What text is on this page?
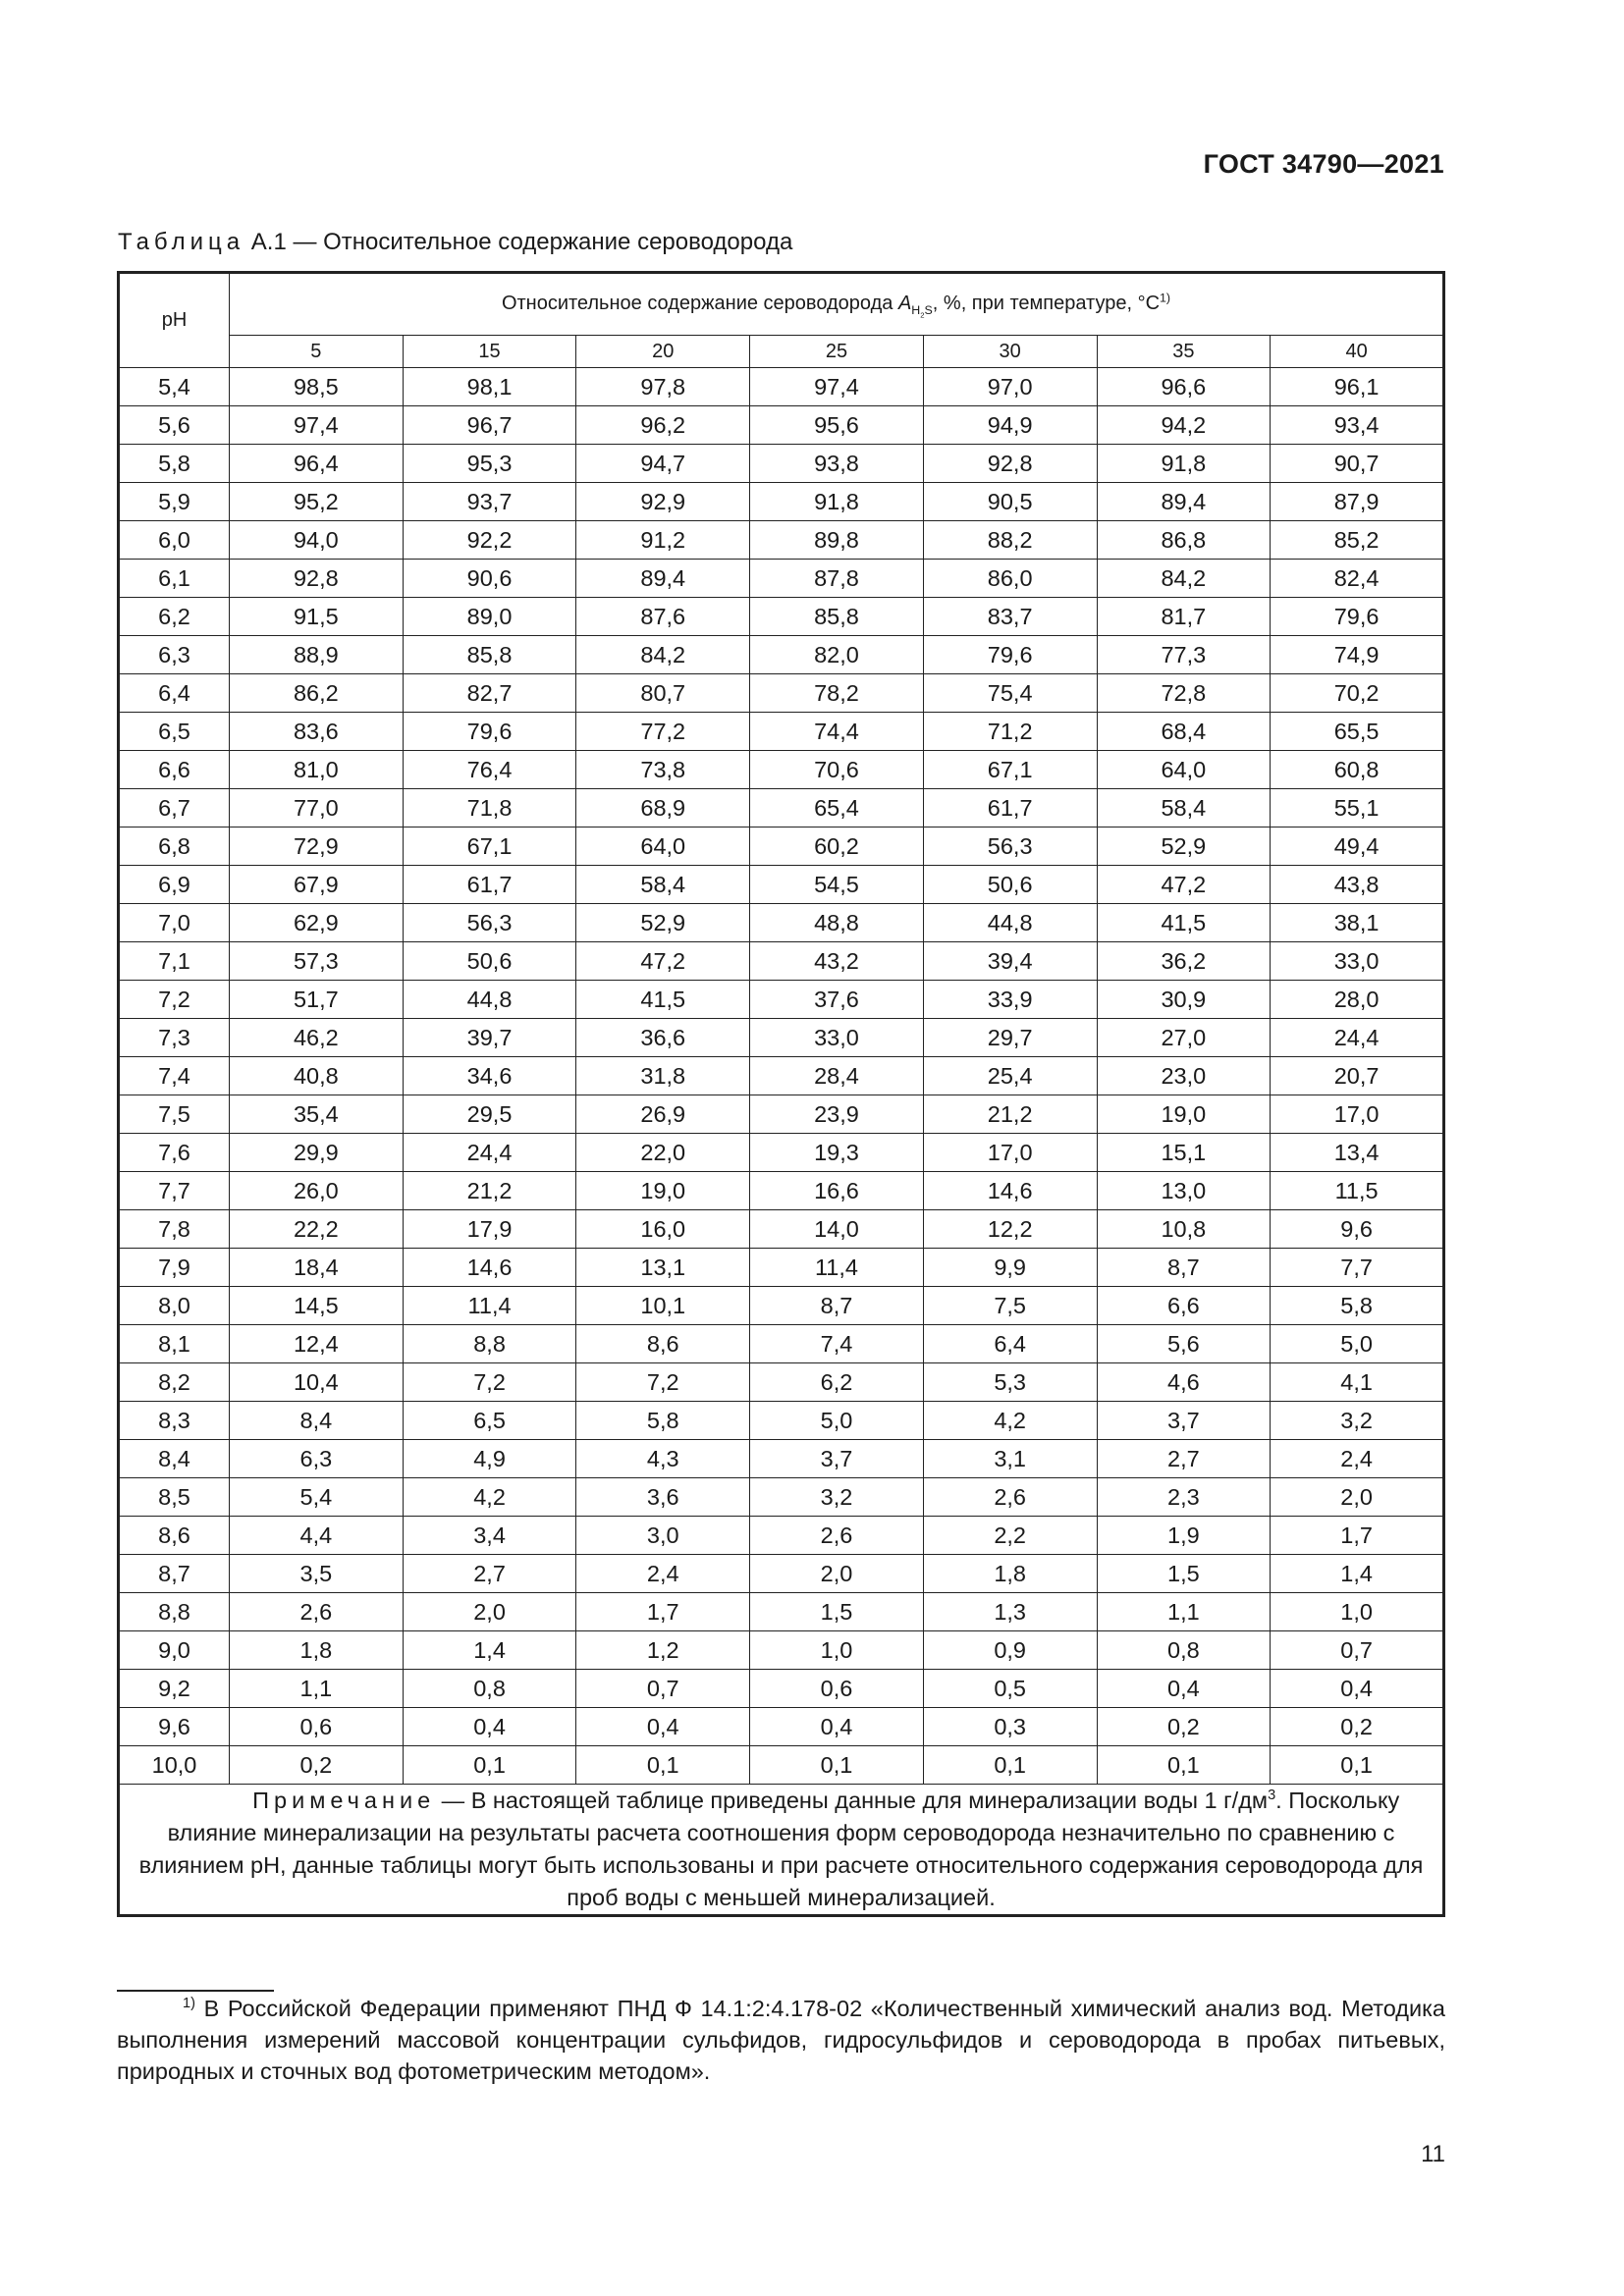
ГОСТ 34790—2021
Таблица А.1 — Относительное содержание сероводорода
pH	Относительное содержание сероводорода $A_{H_2S}$, %, при температуре, $^\circ С^{1)}$
	5	15	20	25	30	35	40
5,4	98,5	98,1	97,8	97,4	97,0	96,6	96,1
5,6	97,4	96,7	96,2	95,6	94,9	94,2	93,4
5,8	96,4	95,3	94,7	93,8	92,8	91,8	90,7
5,9	95,2	93,7	92,9	91,8	90,5	89,4	87,9
6,0	94,0	92,2	91,2	89,8	88,2	86,8	85,2
6,1	92,8	90,6	89,4	87,8	86,0	84,2	82,4
6,2	91,5	89,0	87,6	85,8	83,7	81,7	79,6
6,3	88,9	85,8	84,2	82,0	79,6	77,3	74,9
6,4	86,2	82,7	80,7	78,2	75,4	72,8	70,2
6,5	83,6	79,6	77,2	74,4	71,2	68,4	65,5
6,6	81,0	76,4	73,8	70,6	67,1	64,0	60,8
6,7	77,0	71,8	68,9	65,4	61,7	58,4	55,1
6,8	72,9	67,1	64,0	60,2	56,3	52,9	49,4
6,9	67,9	61,7	58,4	54,5	50,6	47,2	43,8
7,0	62,9	56,3	52,9	48,8	44,8	41,5	38,1
7,1	57,3	50,6	47,2	43,2	39,4	36,2	33,0
7,2	51,7	44,8	41,5	37,6	33,9	30,9	28,0
7,3	46,2	39,7	36,6	33,0	29,7	27,0	24,4
7,4	40,8	34,6	31,8	28,4	25,4	23,0	20,7
7,5	35,4	29,5	26,9	23,9	21,2	19,0	17,0
7,6	29,9	24,4	22,0	19,3	17,0	15,1	13,4
7,7	26,0	21,2	19,0	16,6	14,6	13,0	11,5
7,8	22,2	17,9	16,0	14,0	12,2	10,8	9,6
7,9	18,4	14,6	13,1	11,4	9,9	8,7	7,7
8,0	14,5	11,4	10,1	8,7	7,5	6,6	5,8
8,1	12,4	8,8	8,6	7,4	6,4	5,6	5,0
8,2	10,4	7,2	7,2	6,2	5,3	4,6	4,1
8,3	8,4	6,5	5,8	5,0	4,2	3,7	3,2
8,4	6,3	4,9	4,3	3,7	3,1	2,7	2,4
8,5	5,4	4,2	3,6	3,2	2,6	2,3	2,0
8,6	4,4	3,4	3,0	2,6	2,2	1,9	1,7
8,7	3,5	2,7	2,4	2,0	1,8	1,5	1,4
8,8	2,6	2,0	1,7	1,5	1,3	1,1	1,0
9,0	1,8	1,4	1,2	1,0	0,9	0,8	0,7
9,2	1,1	0,8	0,7	0,6	0,5	0,4	0,4
9,6	0,6	0,4	0,4	0,4	0,3	0,2	0,2
10,0	0,2	0,1	0,1	0,1	0,1	0,1	0,1
Примечание — В настоящей таблице приведены данные для минерализации воды 1 $г/дм^3$. Поскольку влияние минерализации на результаты расчета соотношения форм сероводорода незначительно по сравнению с влиянием pH, данные таблицы могут быть использованы и при расчете относительного содержания сероводорода для проб воды с меньшей минерализацией.							
$^{1)}$ В Российской Федерации применяют ПНД Ф 14.1:2:4.178-02 «Количественный химический анализ вод. Методика выполнения измерений массовой концентрации сульфидов, гидросульфидов и сероводорода в пробах питьевых, природных и сточных вод фотометрическим методом».
11
